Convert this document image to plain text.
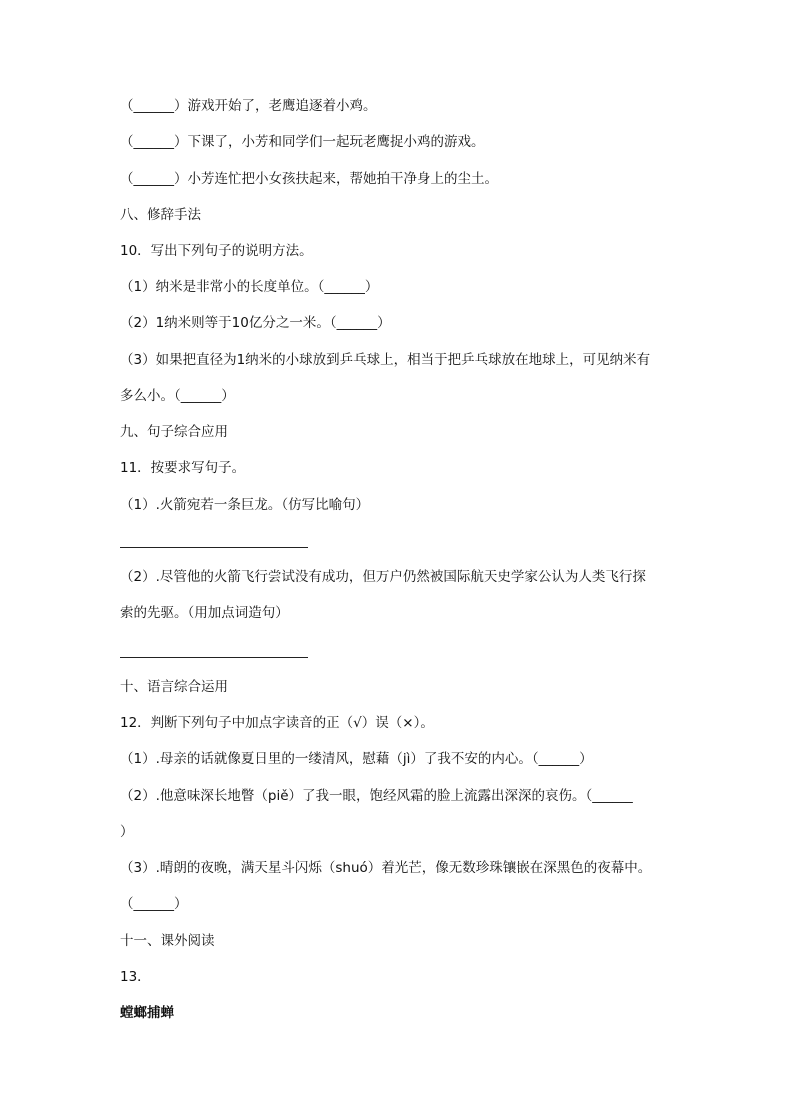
（______）游戏开始了，老鹰追逐着小鸡。
（______）下课了，小芳和同学们一起玩老鹰捉小鸡的游戏。
（______）小芳连忙把小女孩扶起来，帮她拍干净身上的尘土。
八、修辞手法
10．写出下列句子的说明方法。
（1）纳米是非常小的长度单位。（______）
（2）1纳米则等于10亿分之一米。（______）
（3）如果把直径为1纳米的小球放到乒乓球上，相当于把乒乓球放在地球上，可见纳米有
多么小。（______）
九、句子综合应用
11．按要求写句子。
（1）.火箭宛若一条巨龙。（仿写比喻句）
（2）.尽管他的火箭飞行尝试没有成功，但万户仍然被国际航天史学家公认为人类飞行探
索的先驱。（用加点词造句）
十、语言综合运用
12．判断下列句子中加点字读音的正（√）误（×）。
（1）.母亲的话就像夏日里的一缕清风，慰藉（jì）了我不安的内心。（______）
（2）.他意味深长地瞥（piě）了我一眼，饱经风霜的脸上流露出深深的哀伤。（______
）
（3）.晴朗的夜晚，满天星斗闪烁（shuó）着光芒，像无数珍珠镶嵌在深黑色的夜幕中。
（______）
十一、课外阅读
13．
螳螂捕蝉
